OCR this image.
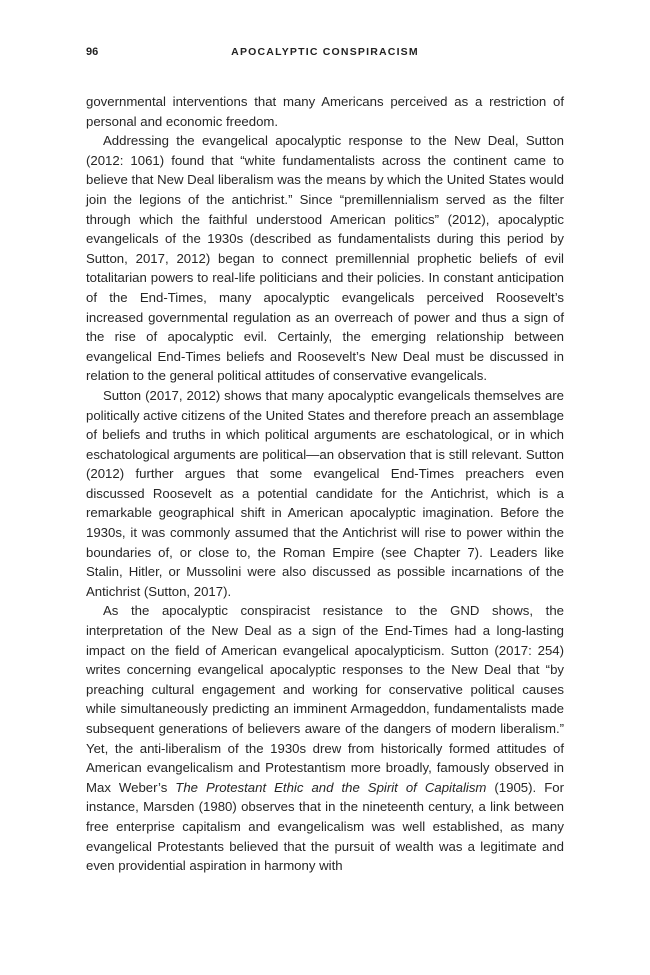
96	APOCALYPTIC CONSPIRACISM

governmental interventions that many Americans perceived as a restriction of personal and economic freedom.

Addressing the evangelical apocalyptic response to the New Deal, Sutton (2012: 1061) found that “white fundamentalists across the continent came to believe that New Deal liberalism was the means by which the United States would join the legions of the antichrist.” Since “premillennialism served as the filter through which the faithful understood American politics” (2012), apocalyptic evangelicals of the 1930s (described as fundamentalists during this period by Sutton, 2017, 2012) began to connect premillennial prophetic beliefs of evil totalitarian powers to real-life politicians and their policies. In constant anticipation of the End-Times, many apocalyptic evangelicals perceived Roosevelt’s increased governmental regulation as an overreach of power and thus a sign of the rise of apocalyptic evil. Certainly, the emerging relationship between evangelical End-Times beliefs and Roosevelt’s New Deal must be discussed in relation to the general political attitudes of conservative evangelicals.

Sutton (2017, 2012) shows that many apocalyptic evangelicals themselves are politically active citizens of the United States and therefore preach an assemblage of beliefs and truths in which political arguments are eschatological, or in which eschatological arguments are political—an observation that is still relevant. Sutton (2012) further argues that some evangelical End-Times preachers even discussed Roosevelt as a potential candidate for the Antichrist, which is a remarkable geographical shift in American apocalyptic imagination. Before the 1930s, it was commonly assumed that the Antichrist will rise to power within the boundaries of, or close to, the Roman Empire (see Chapter 7). Leaders like Stalin, Hitler, or Mussolini were also discussed as possible incarnations of the Antichrist (Sutton, 2017).

As the apocalyptic conspiracist resistance to the GND shows, the interpretation of the New Deal as a sign of the End-Times had a long-lasting impact on the field of American evangelical apocalypticism. Sutton (2017: 254) writes concerning evangelical apocalyptic responses to the New Deal that “by preaching cultural engagement and working for conservative political causes while simultaneously predicting an imminent Armageddon, fundamentalists made subsequent generations of believers aware of the dangers of modern liberalism.” Yet, the anti-liberalism of the 1930s drew from historically formed attitudes of American evangelicalism and Protestantism more broadly, famously observed in Max Weber’s The Protestant Ethic and the Spirit of Capitalism (1905). For instance, Marsden (1980) observes that in the nineteenth century, a link between free enterprise capitalism and evangelicalism was well established, as many evangelical Protestants believed that the pursuit of wealth was a legitimate and even providential aspiration in harmony with
